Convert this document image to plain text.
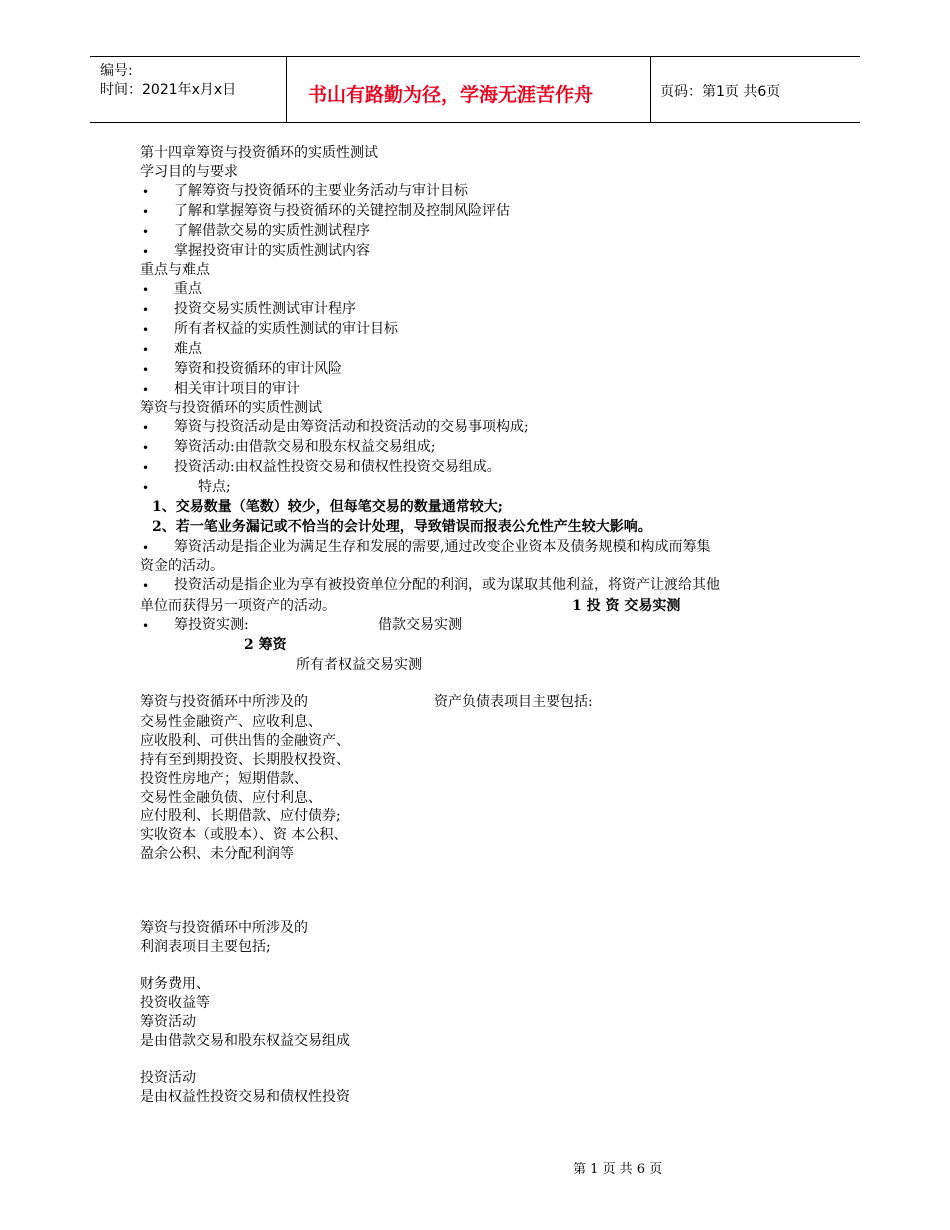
编号:
时间：2021年x月x日	书山有路勤为径，学海无涯苦作舟	页码：第1页 共6页
第十四章筹资与投资循环的实质性测试
学习目的与要求
• 了解筹资与投资循环的主要业务活动与审计目标
• 了解和掌握筹资与投资循环的关键控制及控制风险评估
• 了解借款交易的实质性测试程序
• 掌握投资审计的实质性测试内容
重点与难点
• 重点
• 投资交易实质性测试审计程序
• 所有者权益的实质性测试的审计目标
• 难点
• 筹资和投资循环的审计风险
• 相关审计项目的审计
筹资与投资循环的实质性测试
• 筹资与投资活动是由筹资活动和投资活动的交易事项构成;
• 筹资活动:由借款交易和股东权益交易组成;
• 投资活动:由权益性投资交易和债权性投资交易组成。
•	特点;
1、交易数量（笔数）较少，但每笔交易的数量通常较大;
2、若一笔业务漏记或不恰当的会计处理，导致错误而报表公允性产生较大影响。
• 筹资活动是指企业为满足生存和发展的需要,通过改变企业资本及债务规模和构成而筹集
资金的活动。
• 投资活动是指企业为享有被投资单位分配的利润，或为谋取其他利益，将资产让渡给其他
单位而获得另一项资产的活动。	1 投 资 交易实测
• 筹投资实测:	借款交易实测
2 筹资
所有者权益交易实测
筹资与投资循环中所涉及的	资产负债表项目主要包括:
交易性金融资产、应收利息、
应收股利、可供出售的金融资产、
持有至到期投资、长期股权投资、
投资性房地产；短期借款、
交易性金融负债、应付利息、
应付股利、长期借款、应付债券;
实收资本（或股本）、资 本公积、
盈余公积、未分配利润等
筹资与投资循环中所涉及的
利润表项目主要包括;
财务费用、
投资收益等
筹资活动
是由借款交易和股东权益交易组成
投资活动
是由权益性投资交易和债权性投资
第 1 页 共 6 页
